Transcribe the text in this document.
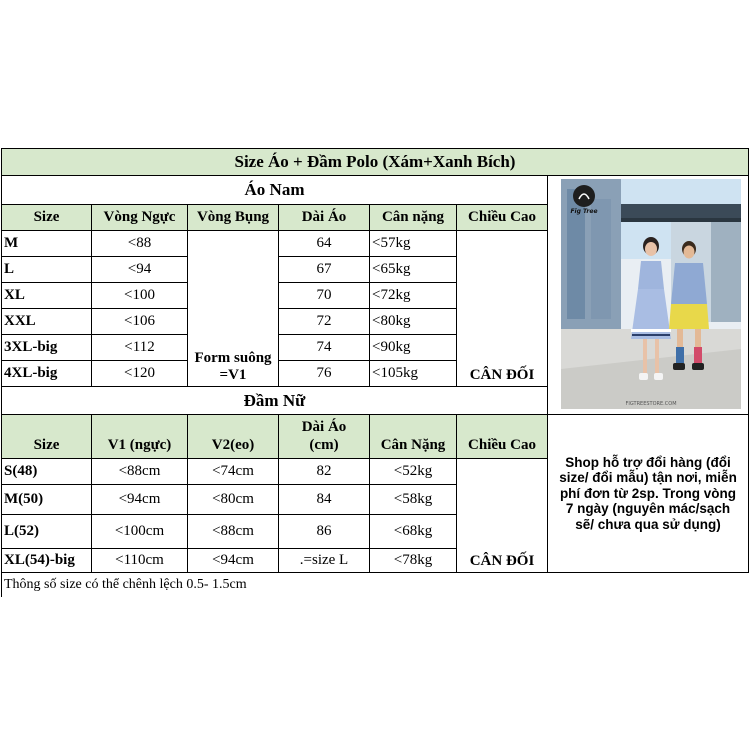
Size Áo + Đầm Polo (Xám+Xanh Bích)						
Áo Nam						Fig Tree
FIGTREESTORE.COM

Size	Vòng Ngực	Vòng Bụng	Dài Áo	Cân nặng	Chiều Cao	
M	<88	Form suông =V1	64	<57kg	CÂN ĐỐI	
L	<94		67	<65kg		
XL	<100		70	<72kg		
XXL	<106		72	<80kg		
3XL-big	<112		74	<90kg		
4XL-big	<120		76	<105kg		
Đầm Nữ						
Size	V1 (ngực)	V2(eo)	Dài Áo (cm)	Cân Nặng	Chiều Cao	Shop hỗ trợ đổi hàng (đổi size/ đổi mẫu) tận nơi, miễn phí đơn từ 2sp. Trong vòng 7 ngày (nguyên mác/sạch sẽ/ chưa qua sử dụng)
S(48)	<88cm	<74cm	82	<52kg	CÂN ĐỐI	
M(50)	<94cm	<80cm	84	<58kg		
L(52)	<100cm	<88cm	86	<68kg		
XL(54)-big	<110cm	<94cm	.=size L	<78kg		
Thông số size có thể chênh lệch 0.5- 1.5cm						
